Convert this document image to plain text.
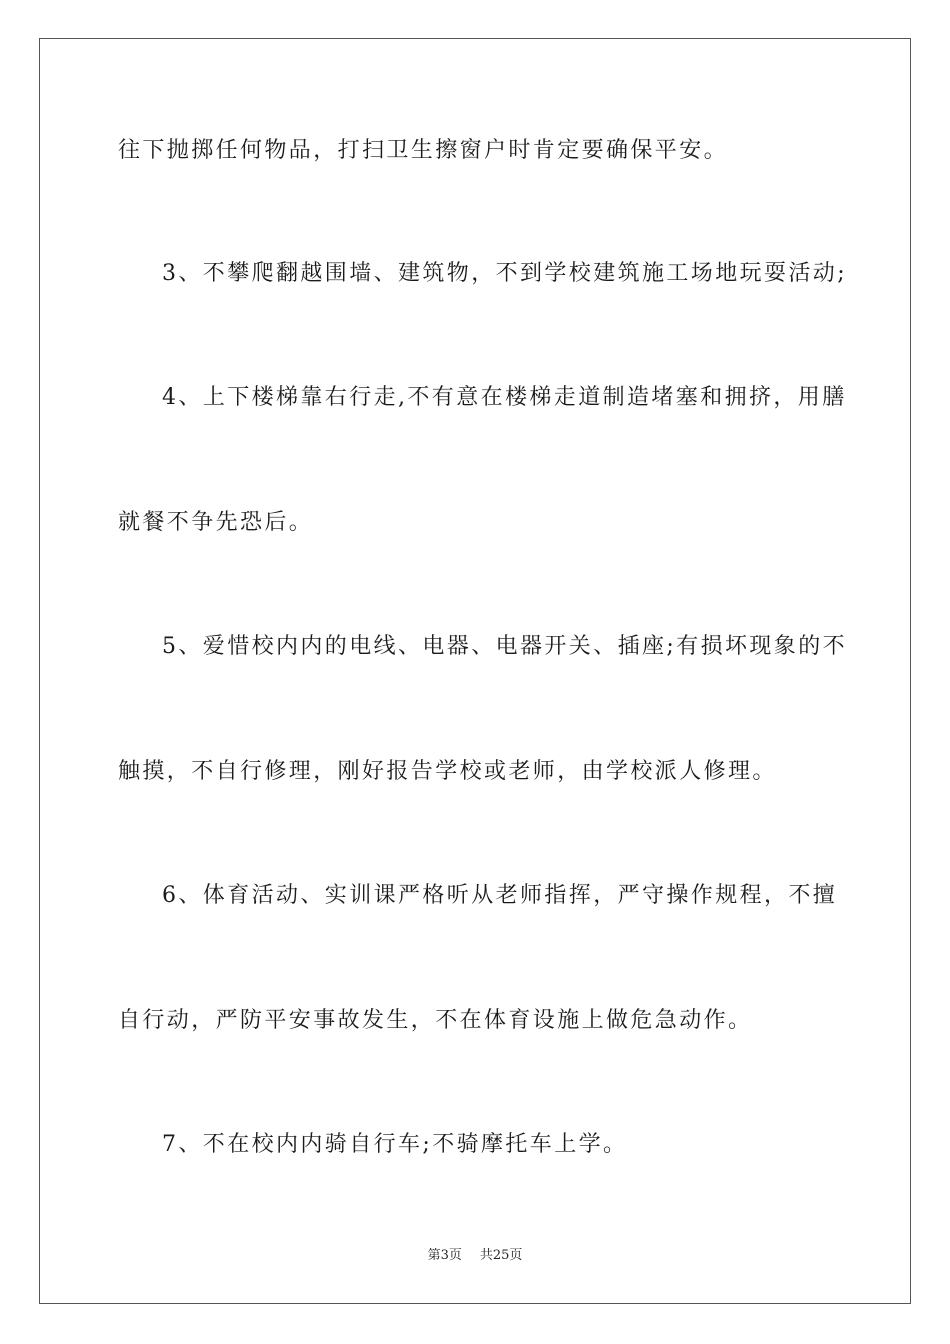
往下抛掷任何物品，打扫卫生擦窗户时肯定要确保平安。
3、不攀爬翻越围墙、建筑物，不到学校建筑施工场地玩耍活动;
4、上下楼梯靠右行走,不有意在楼梯走道制造堵塞和拥挤，用膳
就餐不争先恐后。
5、爱惜校内内的电线、电器、电器开关、插座;有损坏现象的不
触摸，不自行修理，刚好报告学校或老师，由学校派人修理。
6、体育活动、实训课严格听从老师指挥，严守操作规程，不擅
自行动，严防平安事故发生，不在体育设施上做危急动作。
7、不在校内内骑自行车;不骑摩托车上学。
第3页 共25页
